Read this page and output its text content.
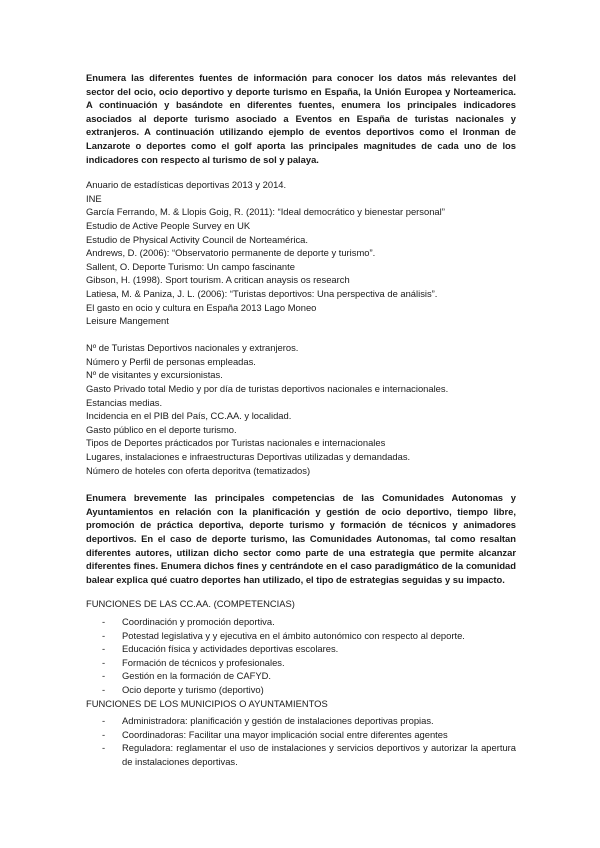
Enumera las diferentes fuentes de información para conocer los datos más relevantes del sector del ocio, ocio deportivo y deporte turismo en España, la Unión Europea y Norteamerica. A continuación y basándote en diferentes fuentes, enumera los principales indicadores asociados al deporte turismo asociado a Eventos en España de turistas nacionales y extranjeros. A continuación utilizando ejemplo de eventos deportivos como el Ironman de Lanzarote o deportes como el golf aporta las principales magnitudes de cada uno de los indicadores con respecto al turismo de sol y palaya.

Anuario de estadísticas deportivas 2013 y 2014.
INE
García Ferrando, M. & Llopis Goig, R. (2011): “Ideal democrático y bienestar personal”
Estudio de Active People Survey en UK
Estudio de Physical Activity Council de Norteamérica.
Andrews, D. (2006): “Observatorio permanente de deporte y turismo”.
Sallent, O. Deporte Turismo: Un campo fascinante
Gibson, H. (1998). Sport tourism. A critican anaysis os research
Latiesa, M. & Paniza, J. L. (2006): “Turistas deportivos: Una perspectiva de análisis”.
El gasto en ocio y cultura en España 2013 Lago Moneo
Leisure Mangement
Nº de Turistas Deportivos nacionales y extranjeros.
Número y Perfil de personas empleadas.
Nº de visitantes y excursionistas.
Gasto Privado total Medio y por día de turistas deportivos nacionales e internacionales.
Estancias medias.
Incidencia en el PIB del País, CC.AA. y localidad.
Gasto público en el deporte turismo.
Tipos de Deportes prácticados por Turistas nacionales e internacionales
Lugares, instalaciones e infraestructuras Deportivas utilizadas y demandadas.
Número de hoteles con oferta deporitva (tematizados)

Enumera brevemente las principales competencias de las Comunidades Autonomas y Ayuntamientos en relación con la planificación y gestión de ocio deportivo, tiempo libre, promoción de práctica deportiva, deporte turismo y formación de técnicos y animadores deportivos. En el caso de deporte turismo, las Comunidades Autonomas, tal como resaltan diferentes autores, utilizan dicho sector como parte de una estrategia que permite alcanzar diferentes fines. Enumera dichos fines y centrándote en el caso paradigmático de la comunidad balear explica qué cuatro deportes han utilizado, el tipo de estrategias seguidas y su impacto.

FUNCIONES DE LAS CC.AA. (COMPETENCIAS)

- Coordinación y promoción deportiva.
- Potestad legislativa y y ejecutiva en el ámbito autonómico con respecto al deporte.
- Educación física y actividades deportivas escolares.
- Formación de técnicos y profesionales.
- Gestión en la formación de CAFYD.
- Ocio deporte y turismo (deportivo)

FUNCIONES DE LOS MUNICIPIOS O AYUNTAMIENTOS

- Administradora: planificación y gestión de instalaciones deportivas propias.
- Coordinadoras: Facilitar una mayor implicación social entre diferentes agentes
- Reguladora: reglamentar el uso de instalaciones y servicios deportivos y autorizar la apertura de instalaciones deportivas.
